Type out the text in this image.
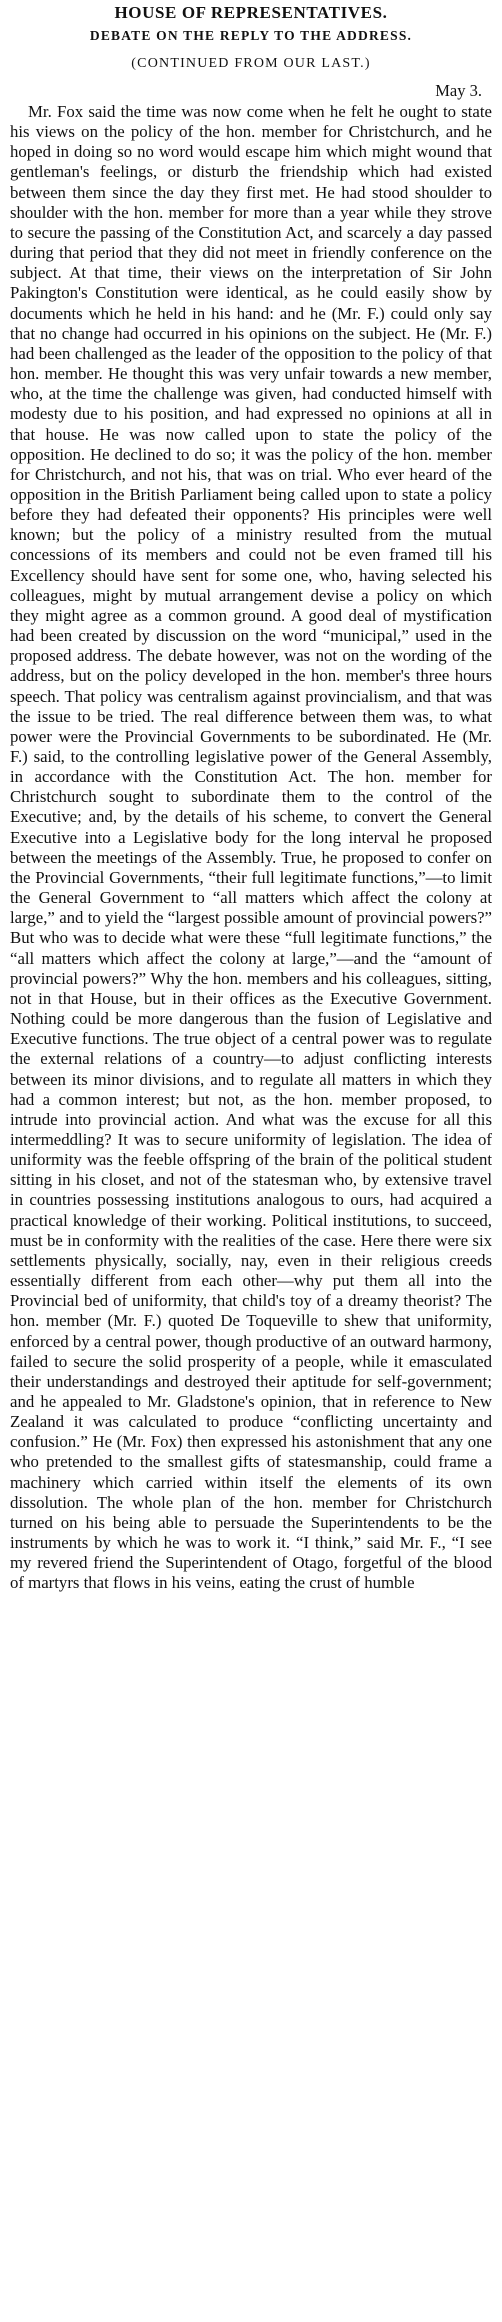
HOUSE OF REPRESENTATIVES.
DEBATE ON THE REPLY TO THE ADDRESS.
(CONTINUED FROM OUR LAST.)
May 3.

Mr. Fox said the time was now come when he felt he ought to state his views on the policy of the hon. member for Christchurch, and he hoped in doing so no word would escape him which might wound that gentleman's feelings, or disturb the friendship which had existed between them since the day they first met. He had stood shoulder to shoulder with the hon. member for more than a year while they strove to secure the passing of the Constitution Act, and scarcely a day passed during that period that they did not meet in friendly conference on the subject. At that time, their views on the interpretation of Sir John Pakington's Constitution were identical, as he could easily show by documents which he held in his hand: and he (Mr. F.) could only say that no change had occurred in his opinions on the subject. He (Mr. F.) had been challenged as the leader of the opposition to the policy of that hon. member. He thought this was very unfair towards a new member, who, at the time the challenge was given, had conducted himself with modesty due to his position, and had expressed no opinions at all in that house. He was now called upon to state the policy of the opposition. He declined to do so; it was the policy of the hon. member for Christchurch, and not his, that was on trial. Who ever heard of the opposition in the British Parliament being called upon to state a policy before they had defeated their opponents? His principles were well known; but the policy of a ministry resulted from the mutual concessions of its members and could not be even framed till his Excellency should have sent for some one, who, having selected his colleagues, might by mutual arrangement devise a policy on which they might agree as a common ground. A good deal of mystification had been created by discussion on the word “municipal,” used in the proposed address. The debate however, was not on the wording of the address, but on the policy developed in the hon. member's three hours speech. That policy was centralism against provincialism, and that was the issue to be tried. The real difference between them was, to what power were the Provincial Governments to be subordinated. He (Mr. F.) said, to the controlling legislative power of the General Assembly, in accordance with the Constitution Act. The hon. member for Christchurch sought to subordinate them to the control of the Executive; and, by the details of his scheme, to convert the General Executive into a Legislative body for the long interval he proposed between the meetings of the Assembly. True, he proposed to confer on the Provincial Governments, “their full legitimate functions,”—to limit the General Government to “all matters which affect the colony at large,” and to yield the “largest possible amount of provincial powers?” But who was to decide what were these “full legitimate functions,” the “all matters which affect the colony at large,”—and the “amount of provincial powers?” Why the hon. members and his colleagues, sitting, not in that House, but in their offices as the Executive Government. Nothing could be more dangerous than the fusion of Legislative and Executive functions. The true object of a central power was to regulate the external relations of a country—to adjust conflicting interests between its minor divisions, and to regulate all matters in which they had a common interest; but not, as the hon. member proposed, to intrude into provincial action. And what was the excuse for all this intermeddling? It was to secure uniformity of legislation. The idea of uniformity was the feeble offspring of the brain of the political student sitting in his closet, and not of the statesman who, by extensive travel in countries possessing institutions analogous to ours, had acquired a practical knowledge of their working. Political institutions, to succeed, must be in conformity with the realities of the case. Here there were six settlements physically, socially, nay, even in their religious creeds essentially different from each other—why put them all into the Provincial bed of uniformity, that child's toy of a dreamy theorist? The hon. member (Mr. F.) quoted De Toqueville to shew that uniformity, enforced by a central power, though productive of an outward harmony, failed to secure the solid prosperity of a people, while it emasculated their understandings and destroyed their aptitude for self-government; and he appealed to Mr. Gladstone's opinion, that in reference to New Zealand it was calculated to produce “conflicting uncertainty and confusion.” He (Mr. Fox) then expressed his astonishment that any one who pretended to the smallest gifts of statesmanship, could frame a machinery which carried within itself the elements of its own dissolution. The whole plan of the hon. member for Christchurch turned on his being able to persuade the Superintendents to be the instruments by which he was to work it. “I think,” said Mr. F., “I see my revered friend the Superintendent of Otago, forgetful of the blood of martyrs that flows in his veins, eating the crust of humble
